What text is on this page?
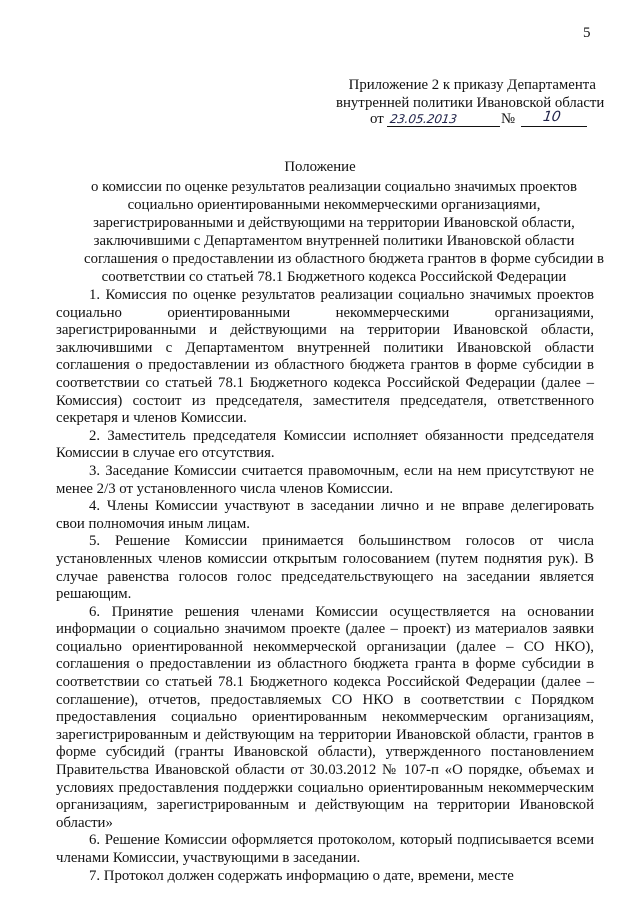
5
Приложение 2 к приказу Департамента
внутренней политики Ивановской области
от 23.05.2013	№ 10
Положение
о комиссии по оценке результатов реализации социально значимых проектов
социально ориентированными некоммерческими организациями,
зарегистрированными и действующими на территории Ивановской области,
заключившими с Департаментом внутренней политики Ивановской области
соглашения о предоставлении из областного бюджета грантов в форме субсидии в
соответствии со статьей 78.1 Бюджетного кодекса Российской Федерации

1. Комиссия по оценке результатов реализации социально значимых проектов социально ориентированными некоммерческими организациями, зарегистрированными и действующими на территории Ивановской области, заключившими с Департаментом внутренней политики Ивановской области соглашения о предоставлении из областного бюджета грантов в форме субсидии в соответствии со статьей 78.1 Бюджетного кодекса Российской Федерации (далее – Комиссия) состоит из председателя, заместителя председателя, ответственного секретаря и членов Комиссии.

2. Заместитель председателя Комиссии исполняет обязанности председателя Комиссии в случае его отсутствия.

3. Заседание Комиссии считается правомочным, если на нем присутствуют не менее 2/3 от установленного числа членов Комиссии.

4. Члены Комиссии участвуют в заседании лично и не вправе делегировать свои полномочия иным лицам.

5. Решение Комиссии принимается большинством голосов от числа установленных членов комиссии открытым голосованием (путем поднятия рук). В случае равенства голосов голос председательствующего на заседании является решающим.

6. Принятие решения членами Комиссии осуществляется на основании информации о социально значимом проекте (далее – проект) из материалов заявки социально ориентированной некоммерческой организации (далее – СО НКО), соглашения о предоставлении из областного бюджета гранта в форме субсидии в соответствии со статьей 78.1 Бюджетного кодекса Российской Федерации (далее – соглашение), отчетов, предоставляемых СО НКО в соответствии с Порядком предоставления социально ориентированным некоммерческим организациям, зарегистрированным и действующим на территории Ивановской области, грантов в форме субсидий (гранты Ивановской области), утвержденного постановлением Правительства Ивановской области от 30.03.2012 № 107-п «О порядке, объемах и условиях предоставления поддержки социально ориентированным некоммерческим организациям, зарегистрированным и действующим на территории Ивановской области»

6. Решение Комиссии оформляется протоколом, который подписывается всеми членами Комиссии, участвующими в заседании.

7. Протокол должен содержать информацию о дате, времени, месте
